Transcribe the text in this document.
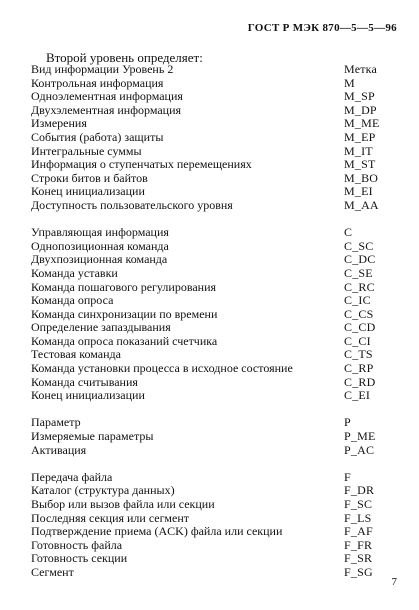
ГОСТ Р МЭК 870—5—5—96
Второй уровень определяет:
Вид информации Уровень 2	Метка
Контрольная информация	M
Одноэлементная информация	M_SP
Двухэлементная информация	M_DP
Измерения	M_ME
События (работа) защиты	M_EP
Интегральные суммы	M_IT
Информация о ступенчатых перемещениях	M_ST
Строки битов и байтов	M_BO
Конец инициализации	M_EI
Доступность пользовательского уровня	M_AA
Управляющая информация	C
Однопозиционная команда	C_SC
Двухпозиционная команда	C_DC
Команда уставки	C_SE
Команда пошагового регулирования	C_RC
Команда опроса	C_IC
Команда синхронизации по времени	C_CS
Определение запаздывания	C_CD
Команда опроса показаний счетчика	C_CI
Тестовая команда	C_TS
Команда установки процесса в исходное состояние	C_RP
Команда считывания	C_RD
Конец инициализации	C_EI
Параметр	P
Измеряемые параметры	P_ME
Активация	P_AC
Передача файла	F
Каталог (структура данных)	F_DR
Выбор или вызов файла или секции	F_SC
Последняя секция или сегмент	F_LS
Подтверждение приема (ACK) файла или секции	F_AF
Готовность файла	F_FR
Готовность секции	F_SR
Сегмент	F_SG
7
